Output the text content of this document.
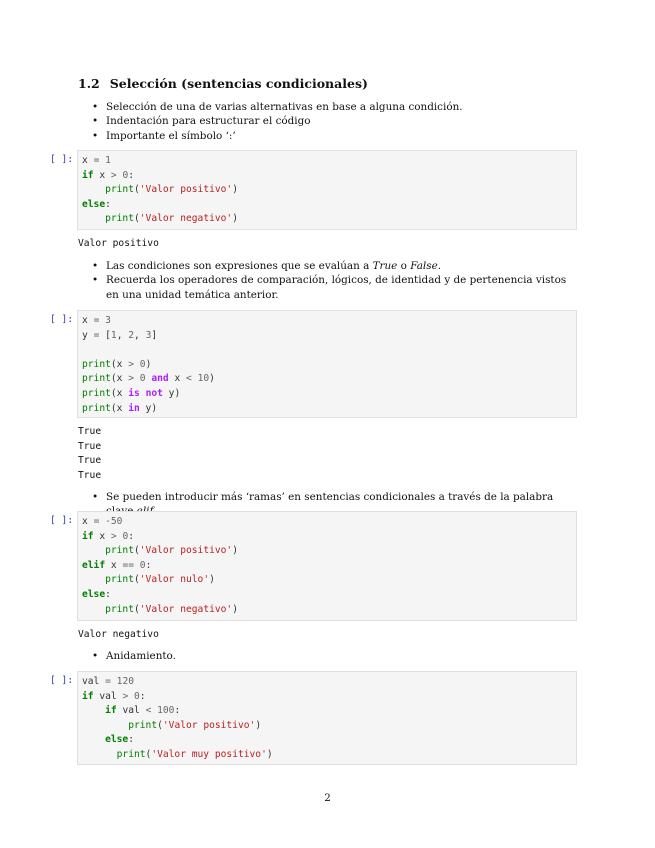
1.2 Selección (sentencias condicionales)
• Selección de una de varias alternativas en base a alguna condición.
• Indentación para estructurar el código
• Importante el símbolo ‘:’
[ ]: x = 1
if x > 0:
print('Valor positivo')
else:
print('Valor negativo')
Valor positivo
• Las condiciones son expresiones que se evalúan a True o False.
• Recuerda los operadores de comparación, lógicos, de identidad y de pertenencia vistos en una unidad temática anterior.
[ ]: x = 3
y = [1, 2, 3]

print(x > 0)
print(x > 0 and x < 10)
print(x is not y)
print(x in y)
True
True
True
True
• Se pueden introducir más ‘ramas’ en sentencias condicionales a través de la palabra
[ ]: x = -50
if x > 0:
print('Valor positivo')
elif x == 0:
print('Valor nulo')
else:
print('Valor negativo')
Valor negativo
• Anidamiento.
[ ]: val = 120
if val > 0:
if val < 100:
print('Valor positivo')
else:
print('Valor muy positivo')
2
